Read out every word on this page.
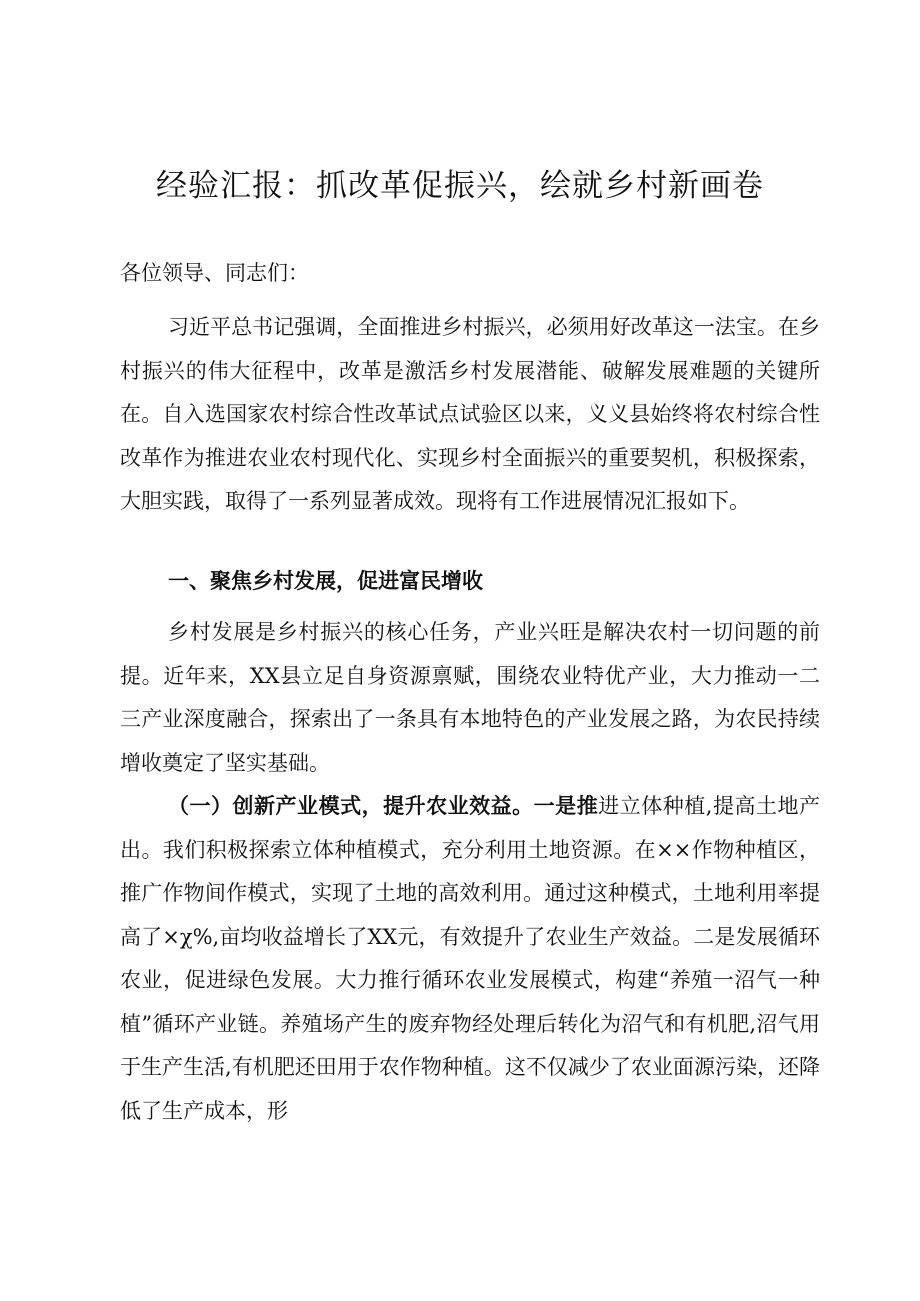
经验汇报：抓改革促振兴，绘就乡村新画卷
各位领导、同志们：
习近平总书记强调，全面推进乡村振兴，必须用好改革这一法宝。在乡村振兴的伟大征程中，改革是激活乡村发展潜能、破解发展难题的关键所在。自入选国家农村综合性改革试点试验区以来，义义县始终将农村综合性改革作为推进农业农村现代化、实现乡村全面振兴的重要契机，积极探索，大胆实践，取得了一系列显著成效。现将有工作进展情况汇报如下。
一、聚焦乡村发展，促进富民增收
乡村发展是乡村振兴的核心任务，产业兴旺是解决农村一切问题的前提。近年来，XX县立足自身资源禀赋，围绕农业特优产业，大力推动一二三产业深度融合，探索出了一条具有本地特色的产业发展之路，为农民持续增收奠定了坚实基础。
（一）创新产业模式，提升农业效益。一是推进立体种植,提高土地产出。我们积极探索立体种植模式，充分利用土地资源。在××作物种植区，推广作物间作模式，实现了土地的高效利用。通过这种模式，土地利用率提高了×χ%,亩均收益增长了XX元，有效提升了农业生产效益。二是发展循环农业，促进绿色发展。大力推行循环农业发展模式，构建“养殖一沼气一种植”循环产业链。养殖场产生的废弃物经处理后转化为沼气和有机肥,沼气用于生产生活,有机肥还田用于农作物种植。这不仅减少了农业面源污染，还降低了生产成本，形
